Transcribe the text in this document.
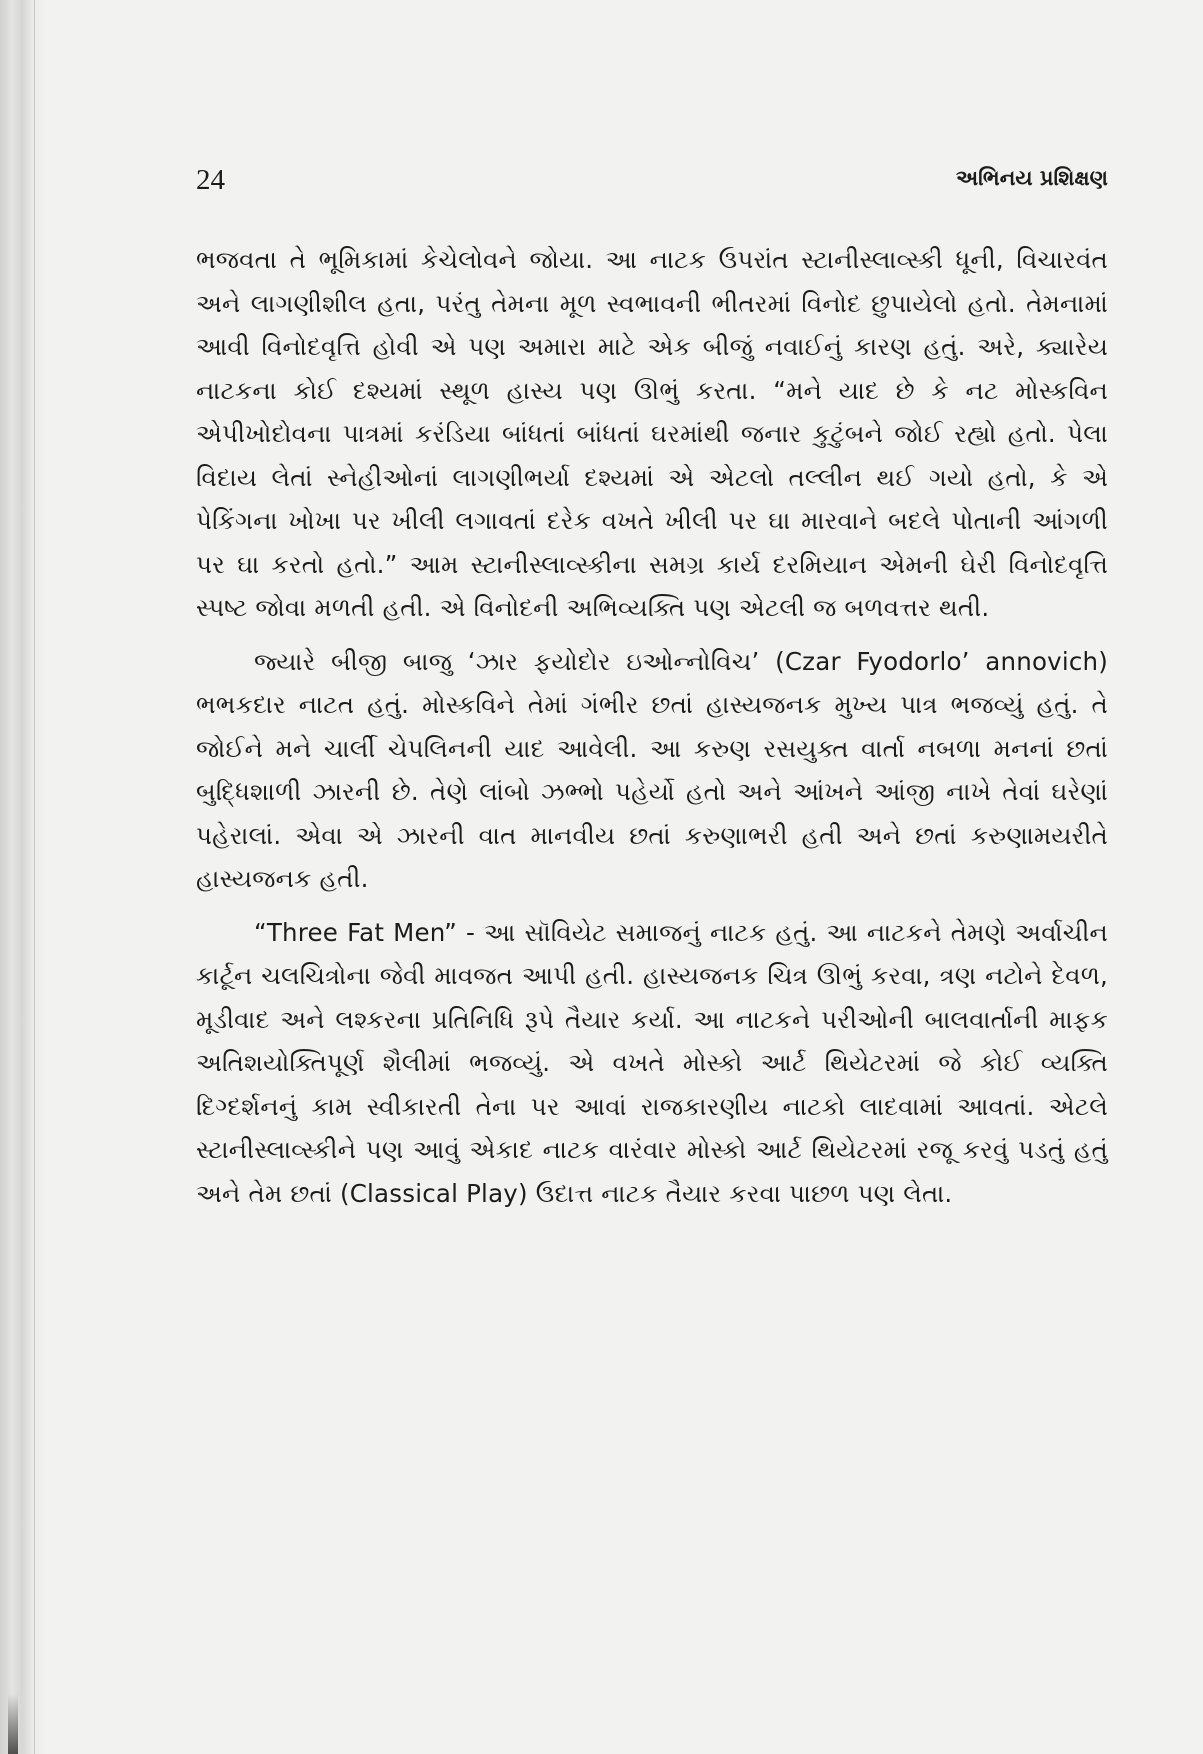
24	અભિનય પ્રશિક્ષણ

ભજવતા તે ભૂમિકામાં કેચેલોવને જોયા. આ નાટક ઉપરાંત સ્ટાનીસ્લાવ્સ્કી ધૂની, વિચારવંત અને લાગણીશીલ હતા, પરંતુ તેમના મૂળ સ્વભાવની ભીતરમાં વિનોદ છુપાયેલો હતો. તેમનામાં આવી વિનોદવૃત્તિ હોવી એ પણ અમારા માટે એક બીજું નવાઈનું કારણ હતું. અરે, ક્યારેય નાટકના કોઈ દશ્યમાં સ્થૂળ હાસ્ય પણ ઊભું કરતા. “મને યાદ છે કે નટ મોસ્કવિન એપીખોદોવના પાત્રમાં કરંડિયા બાંધતાં બાંધતાં ઘરમાંથી જનાર કુટુંબને જોઈ રહ્યો હતો. પેલા વિદાય લેતાં સ્નેહીઓનાં લાગણીભર્યા દશ્યમાં એ એટલો તલ્લીન થઈ ગયો હતો, કે એ પેકિંગના ખોખા પર ખીલી લગાવતાં દરેક વખતે ખીલી પર ઘા મારવાને બદલે પોતાની આંગળી પર ઘા કરતો હતો.” આમ સ્ટાનીસ્લાવ્સ્કીના સમગ્ર કાર્ય દરમિયાન એમની ઘેરી વિનોદવૃત્તિ સ્પષ્ટ જોવા મળતી હતી. એ વિનોદની અભિવ્યક્તિ પણ એટલી જ બળવત્તર થતી.

જ્યારે બીજી બાજુ ‘ઝાર ફયોદોર ઇઓન્નોવિચ’ (Czar Fyodorlo’ annovich) ભભકદાર નાટત હતું. મોસ્કવિને તેમાં ગંભીર છતાં હાસ્યજનક મુખ્ય પાત્ર ભજવ્યું હતું. તે જોઈને મને ચાર્લી ચેપલિનની યાદ આવેલી. આ કરુણ રસયુક્ત વાર્તા નબળા મનનાં છતાં બુદ્ધિશાળી ઝારની છે. તેણે લાંબો ઝભ્ભો પહેર્યો હતો અને આંખને આંજી નાખે તેવાં ઘરેણાં પહેરાલાં. એવા એ ઝારની વાત માનવીય છતાં કરુણાભરી હતી અને છતાં કરુણામયરીતે હાસ્યજનક હતી.

“Three Fat Men” - આ સૉવિયેટ સમાજનું નાટક હતું. આ નાટકને તેમણે અર્વાચીન કાર્ટૂન ચલચિત્રોના જેવી માવજત આપી હતી. હાસ્યજનક ચિત્ર ઊભું કરવા, ત્રણ નટોને દેવળ, મૂડીવાદ અને લશ્કરના પ્રતિનિધિ રૂપે તૈયાર કર્યા. આ નાટકને પરીઓની બાલવાર્તાની માફક અતિશયોક્તિપૂર્ણ શૈલીમાં ભજવ્યું. એ વખતે મોસ્કો આર્ટ થિયેટરમાં જે કોઈ વ્યક્તિ દિગ્દર્શનનું કામ સ્વીકારતી તેના પર આવાં રાજકારણીય નાટકો લાદવામાં આવતાં. એટલે સ્ટાનીસ્લાવ્સ્કીને પણ આવું એકાદ નાટક વારંવાર મોસ્કો આર્ટ થિયેટરમાં રજૂ કરવું પડતું હતું અને તેમ છતાં (Classical Play) ઉદાત્ત નાટક તૈયાર કરવા પાછળ પણ લેતા.
